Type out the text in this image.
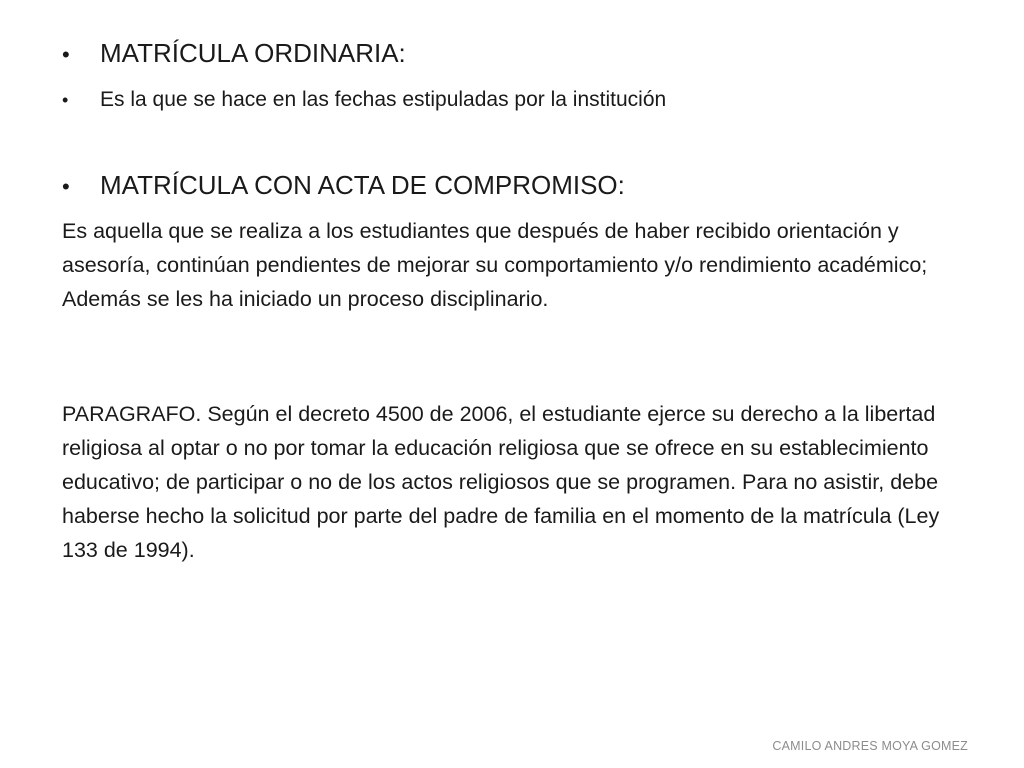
•	MATRÍCULA ORDINARIA:
•	Es la que se hace en las fechas estipuladas por la institución
•	MATRÍCULA CON ACTA DE COMPROMISO:

Es aquella que se realiza a los estudiantes que después de haber recibido orientación y asesoría, continúan pendientes de mejorar su comportamiento y/o rendimiento académico; Además se les ha iniciado un proceso disciplinario.

PARAGRAFO. Según el decreto 4500 de 2006, el estudiante ejerce su derecho a la libertad religiosa al optar o no por tomar la educación religiosa que se ofrece en su establecimiento educativo; de participar o no de los actos religiosos que se programen. Para no asistir, debe haberse hecho la solicitud por parte del padre de familia en el momento de la matrícula (Ley 133 de 1994).

CAMILO ANDRES MOYA GOMEZ
